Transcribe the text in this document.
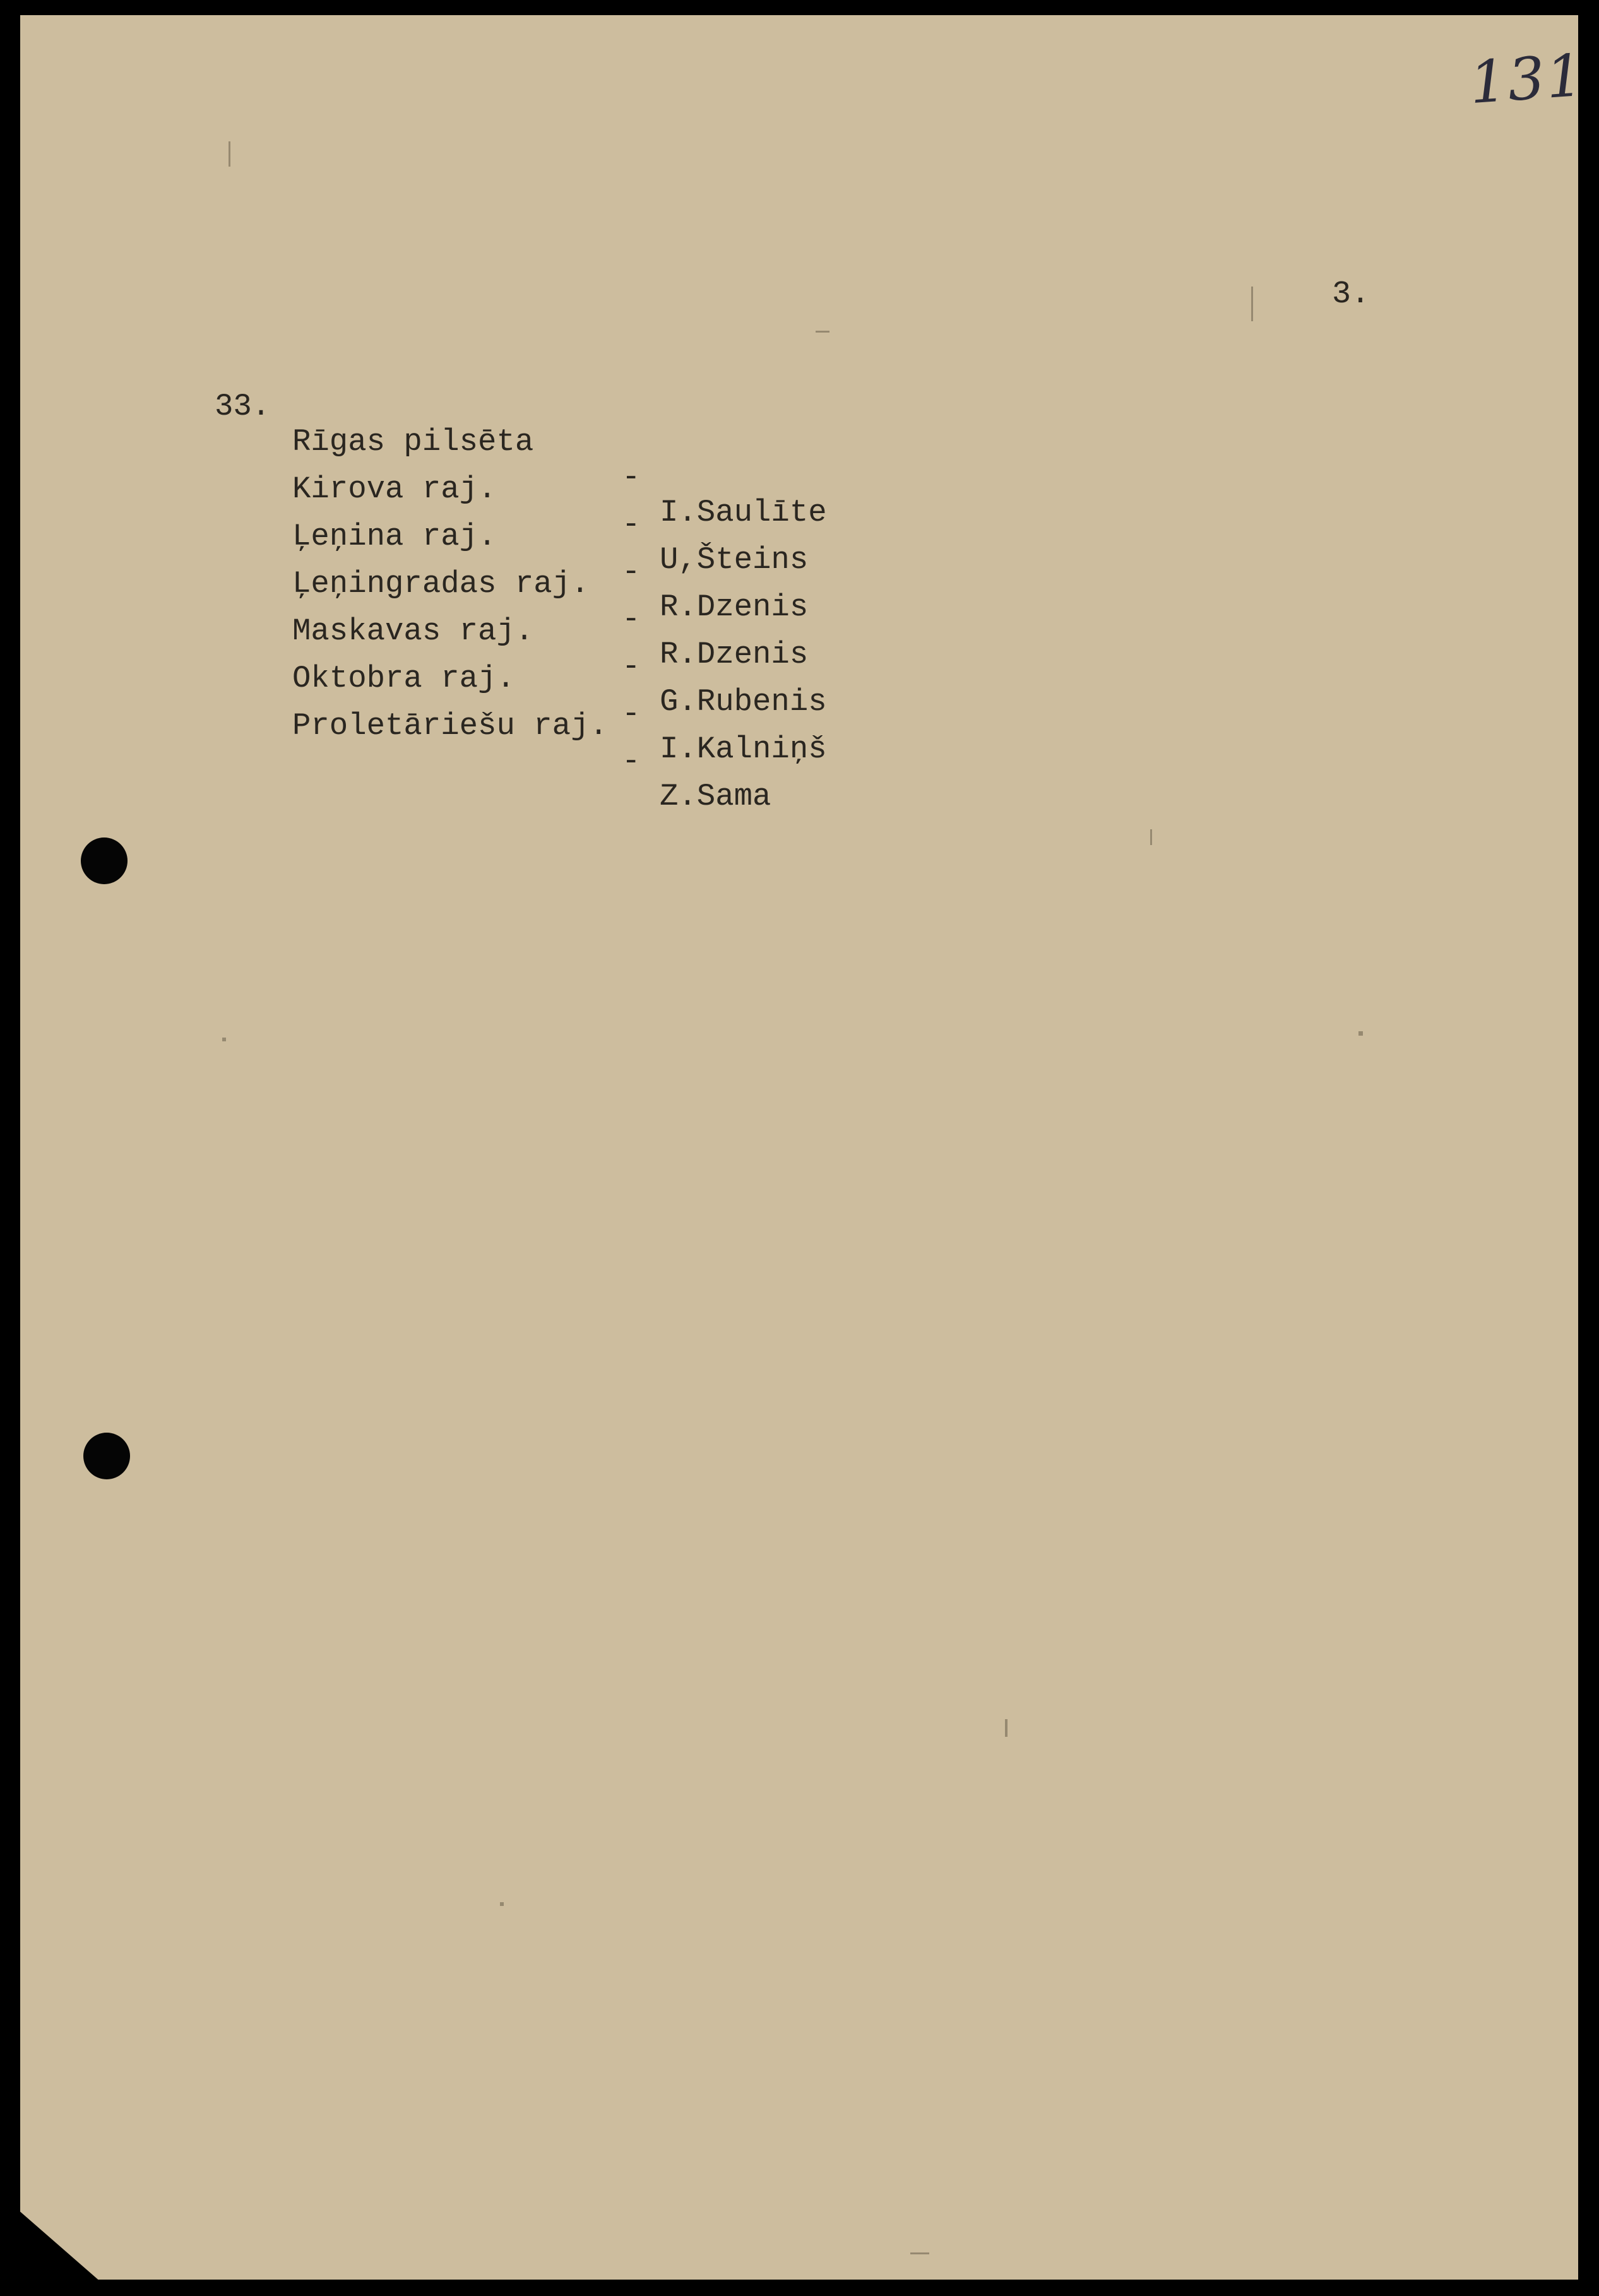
131
3.

33.

Rīgas pilsēta

-

I.Saulīte

Kirova raj.

-

U,Šteins

Ļeņina raj.

-

R.Dzenis

Ļeņingradas raj.

-

R.Dzenis

Maskavas raj.

-

G.Rubenis

Oktobra raj.

-

I.Kalniņš

Proletāriešu raj.

-

Z.Sama
